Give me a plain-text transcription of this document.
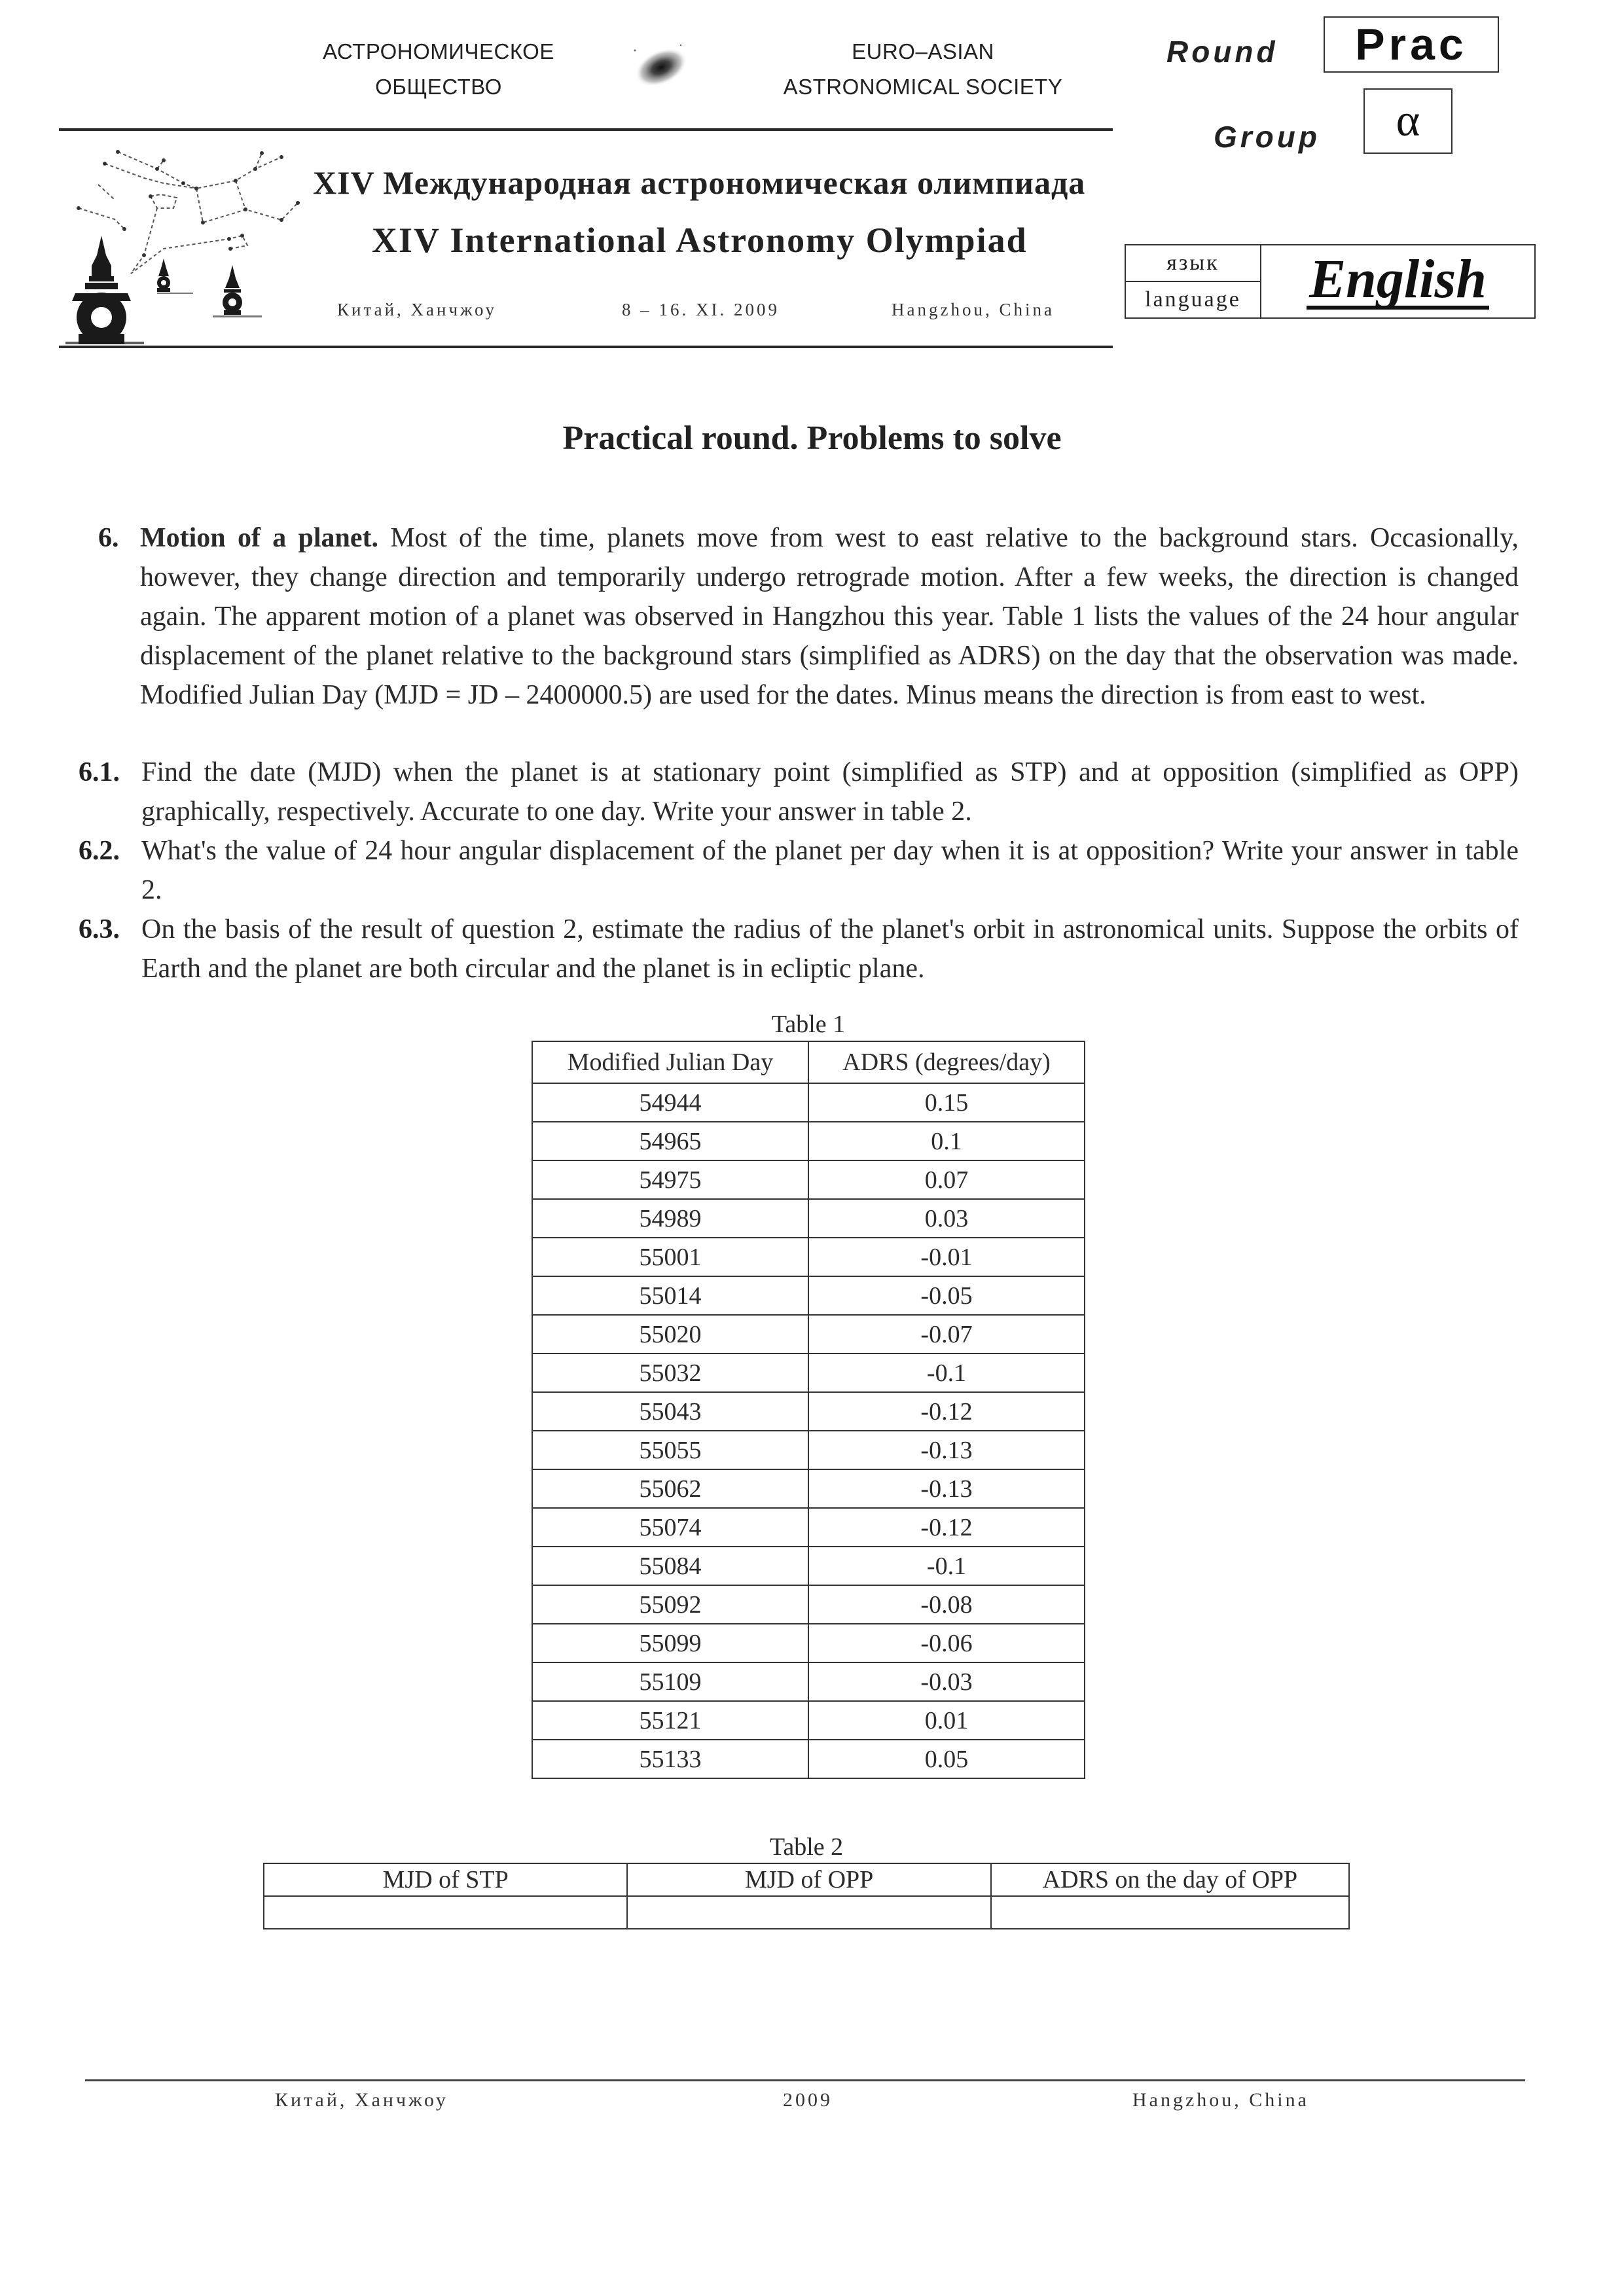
АСТРОНОМИЧЕСКОЕ
ОБЩЕСТВО
EURO–ASIAN
ASTRONOMICAL SOCIETY
XIV Международная астрономическая олимпиада
XIV International Astronomy Olympiad
Китай, Ханчжоу	8 – 16. XI. 2009	Hangzhou, China
Round Prac
Group α
язык
language	English
Practical round. Problems to solve
6. Motion of a planet. Most of the time, planets move from west to east relative to the background stars. Occasionally, however, they change direction and temporarily undergo retrograde motion. After a few weeks, the direction is changed again. The apparent motion of a planet was observed in Hangzhou this year. Table 1 lists the values of the 24 hour angular displacement of the planet relative to the background stars (simplified as ADRS) on the day that the observation was made. Modified Julian Day (MJD = JD – 2400000.5) are used for the dates. Minus means the direction is from east to west.
6.1. Find the date (MJD) when the planet is at stationary point (simplified as STP) and at opposition (simplified as OPP) graphically, respectively. Accurate to one day. Write your answer in table 2.
6.2. What's the value of 24 hour angular displacement of the planet per day when it is at opposition? Write your answer in table 2.
6.3. On the basis of the result of question 2, estimate the radius of the planet's orbit in astronomical units. Suppose the orbits of Earth and the planet are both circular and the planet is in ecliptic plane.
Table 1
Modified Julian Day	ADRS (degrees/day)
54944	0.15
54965	0.1
54975	0.07
54989	0.03
55001	-0.01
55014	-0.05
55020	-0.07
55032	-0.1
55043	-0.12
55055	-0.13
55062	-0.13
55074	-0.12
55084	-0.1
55092	-0.08
55099	-0.06
55109	-0.03
55121	0.01
55133	0.05
Table 2
MJD of STP	MJD of OPP	ADRS on the day of OPP

Китай, Ханчжоу	2009	Hangzhou, China
